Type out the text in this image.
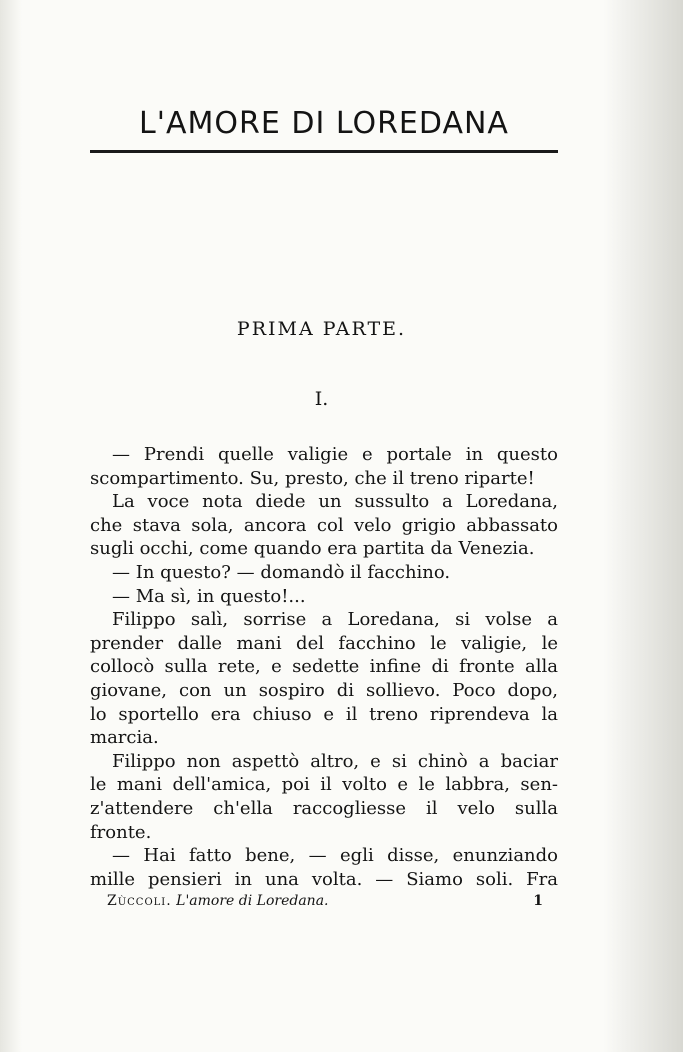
L'AMORE DI LOREDANA
PRIMA PARTE.
I.
— Prendi quelle valigie e portale in questo
scompartimento. Su, presto, che il treno riparte!
La voce nota diede un sussulto a Loredana,
che stava sola, ancora col velo grigio abbassato
sugli occhi, come quando era partita da Venezia.
— In questo? — domandò il facchino.
— Ma sì, in questo!...
Filippo salì, sorrise a Loredana, si volse a
prender dalle mani del facchino le valigie, le
collocò sulla rete, e sedette infine di fronte alla
giovane, con un sospiro di sollievo. Poco dopo,
lo sportello era chiuso e il treno riprendeva la
marcia.
Filippo non aspettò altro, e si chinò a baciar
le mani dell'amica, poi il volto e le labbra, sen-
z'attendere ch'ella raccogliesse il velo sulla
fronte.
— Hai fatto bene, — egli disse, enunziando
mille pensieri in una volta. — Siamo soli. Fra
Zùccoli. L'amore di Loredana.	1
